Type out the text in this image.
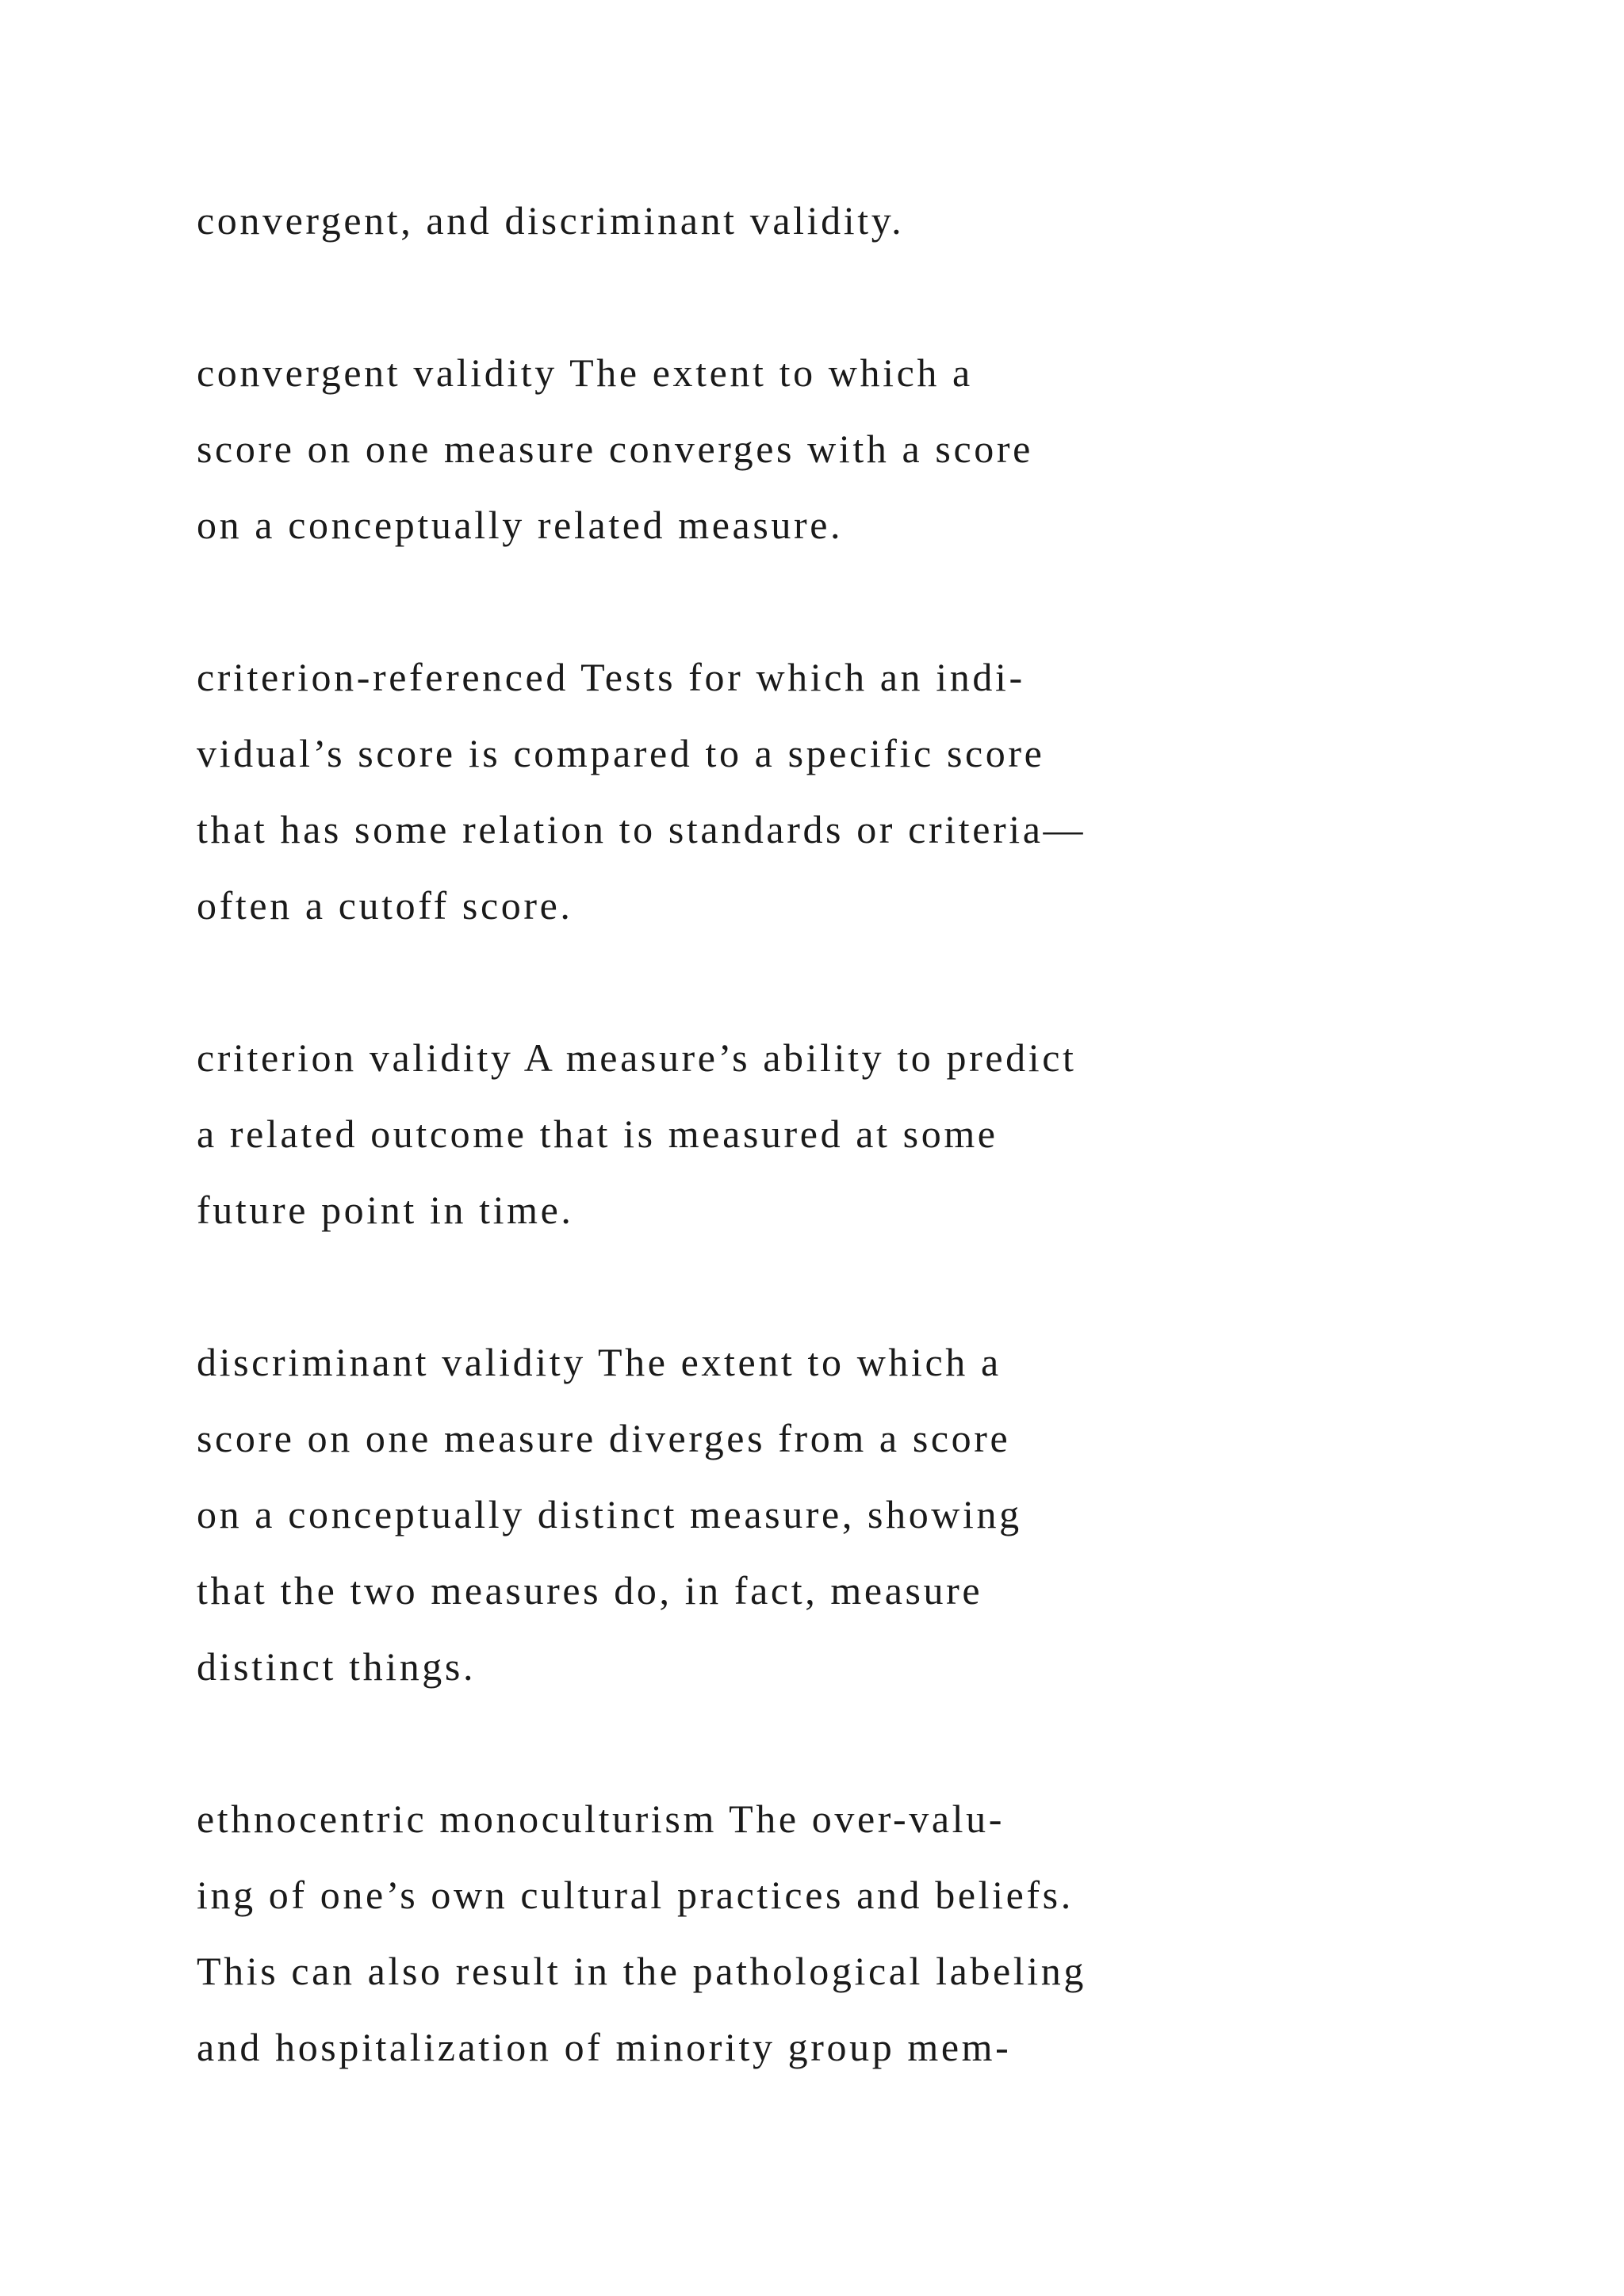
convergent, and discriminant validity.
convergent validity The extent to which a
score on one measure converges with a score
on a conceptually related measure.
criterion-referenced Tests for which an indi-
vidual’s score is compared to a specific score
that has some relation to standards or criteria—
often a cutoff score.
criterion validity A measure’s ability to predict
a related outcome that is measured at some
future point in time.
discriminant validity The extent to which a
score on one measure diverges from a score
on a conceptually distinct measure, showing
that the two measures do, in fact, measure
distinct things.
ethnocentric monoculturism The over-valu-
ing of one’s own cultural practices and beliefs.
This can also result in the pathological labeling
and hospitalization of minority group mem-
